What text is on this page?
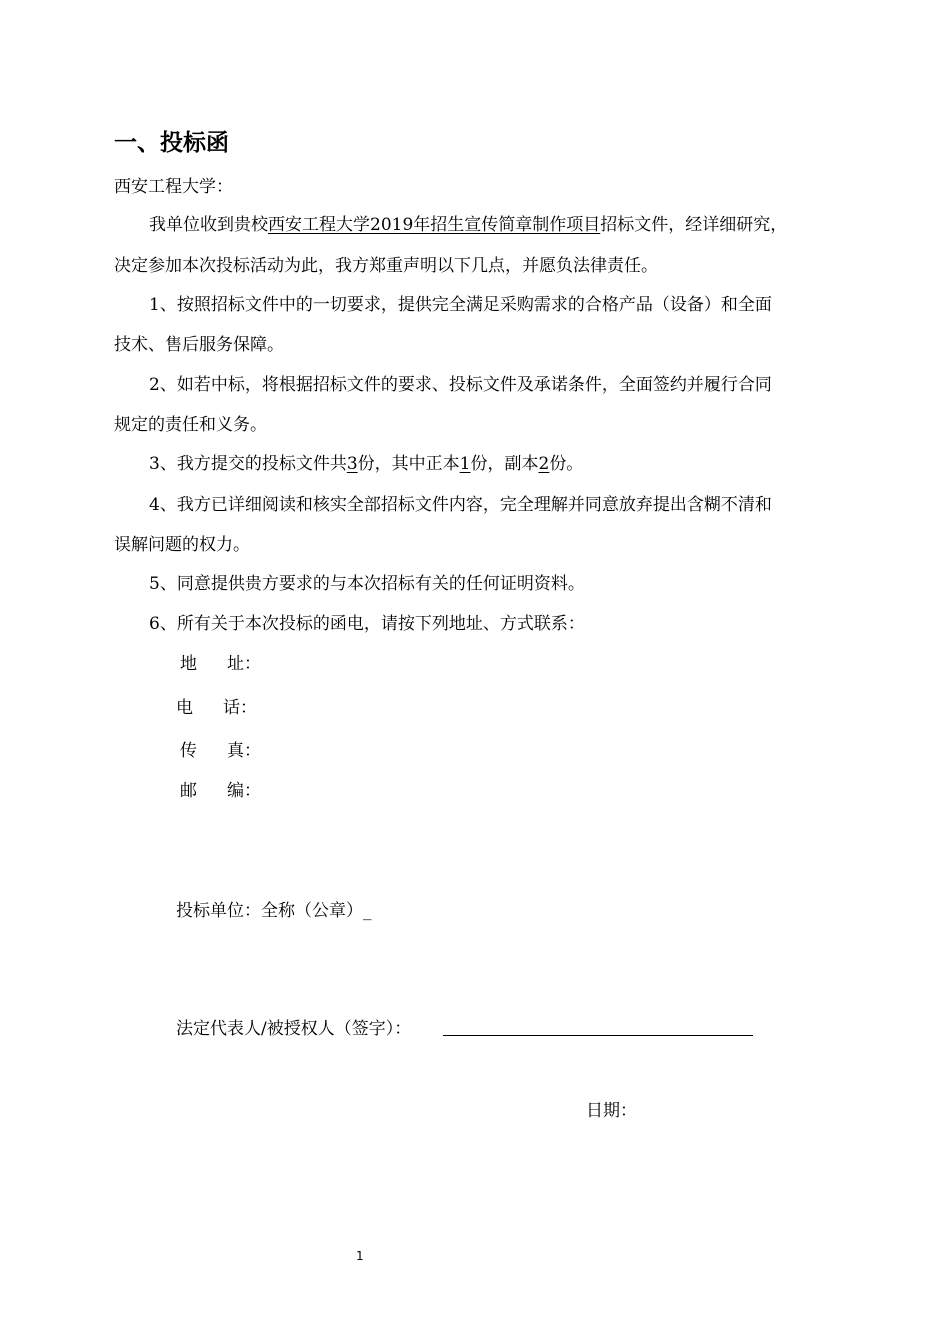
一、投标函
西安工程大学：
我单位收到贵校西安工程大学2019年招生宣传简章制作项目招标文件，经详细研究，
决定参加本次投标活动为此，我方郑重声明以下几点，并愿负法律责任。
1、按照招标文件中的一切要求，提供完全满足采购需求的合格产品（设备）和全面
技术、售后服务保障。
2、如若中标，将根据招标文件的要求、投标文件及承诺条件，全面签约并履行合同
规定的责任和义务。
3、我方提交的投标文件共3份，其中正本1份，副本2份。
4、我方已详细阅读和核实全部招标文件内容，完全理解并同意放弃提出含糊不清和
误解问题的权力。
5、同意提供贵方要求的与本次招标有关的任何证明资料。
6、所有关于本次投标的函电，请按下列地址、方式联系：
地 址：
电 话：
传 真：
邮 编：
投标单位：全称（公章）_
法定代表人/被授权人（签字）：
日期：
1
